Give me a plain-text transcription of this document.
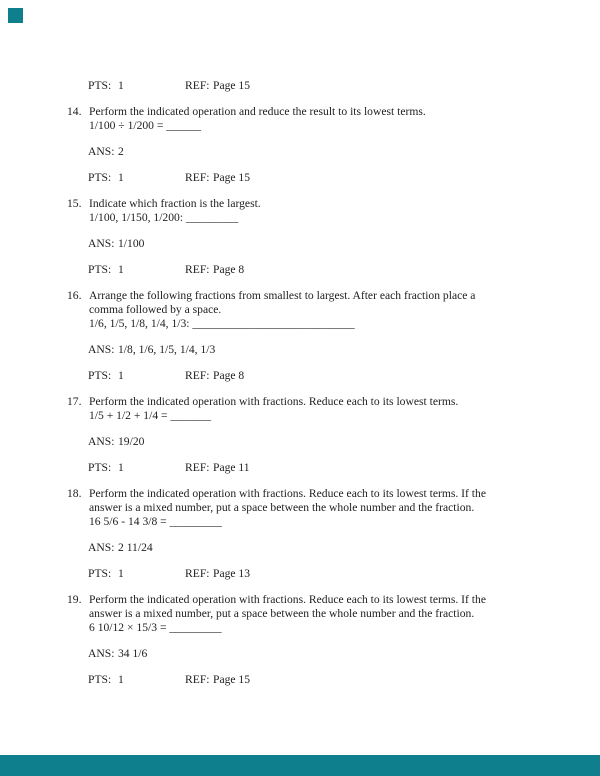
PTS: 1	REF: Page 15
14. Perform the indicated operation and reduce the result to its lowest terms.
1/100 ÷ 1/200 = ______
ANS: 2
PTS: 1	REF: Page 15
15. Indicate which fraction is the largest.
1/100, 1/150, 1/200: _________
ANS: 1/100
PTS: 1	REF: Page 8
16. Arrange the following fractions from smallest to largest. After each fraction place a
comma followed by a space.
1/6, 1/5, 1/8, 1/4, 1/3: ____________________________
ANS: 1/8, 1/6, 1/5, 1/4, 1/3
PTS: 1	REF: Page 8
17. Perform the indicated operation with fractions. Reduce each to its lowest terms.
1/5 + 1/2 + 1/4 = _______
ANS: 19/20
PTS: 1	REF: Page 11
18. Perform the indicated operation with fractions. Reduce each to its lowest terms. If the
answer is a mixed number, put a space between the whole number and the fraction.
16 5/6 - 14 3/8 = _________
ANS: 2 11/24
PTS: 1	REF: Page 13
19. Perform the indicated operation with fractions. Reduce each to its lowest terms. If the
answer is a mixed number, put a space between the whole number and the fraction.
6 10/12 × 15/3 = _________
ANS: 34 1/6
PTS: 1	REF: Page 15
